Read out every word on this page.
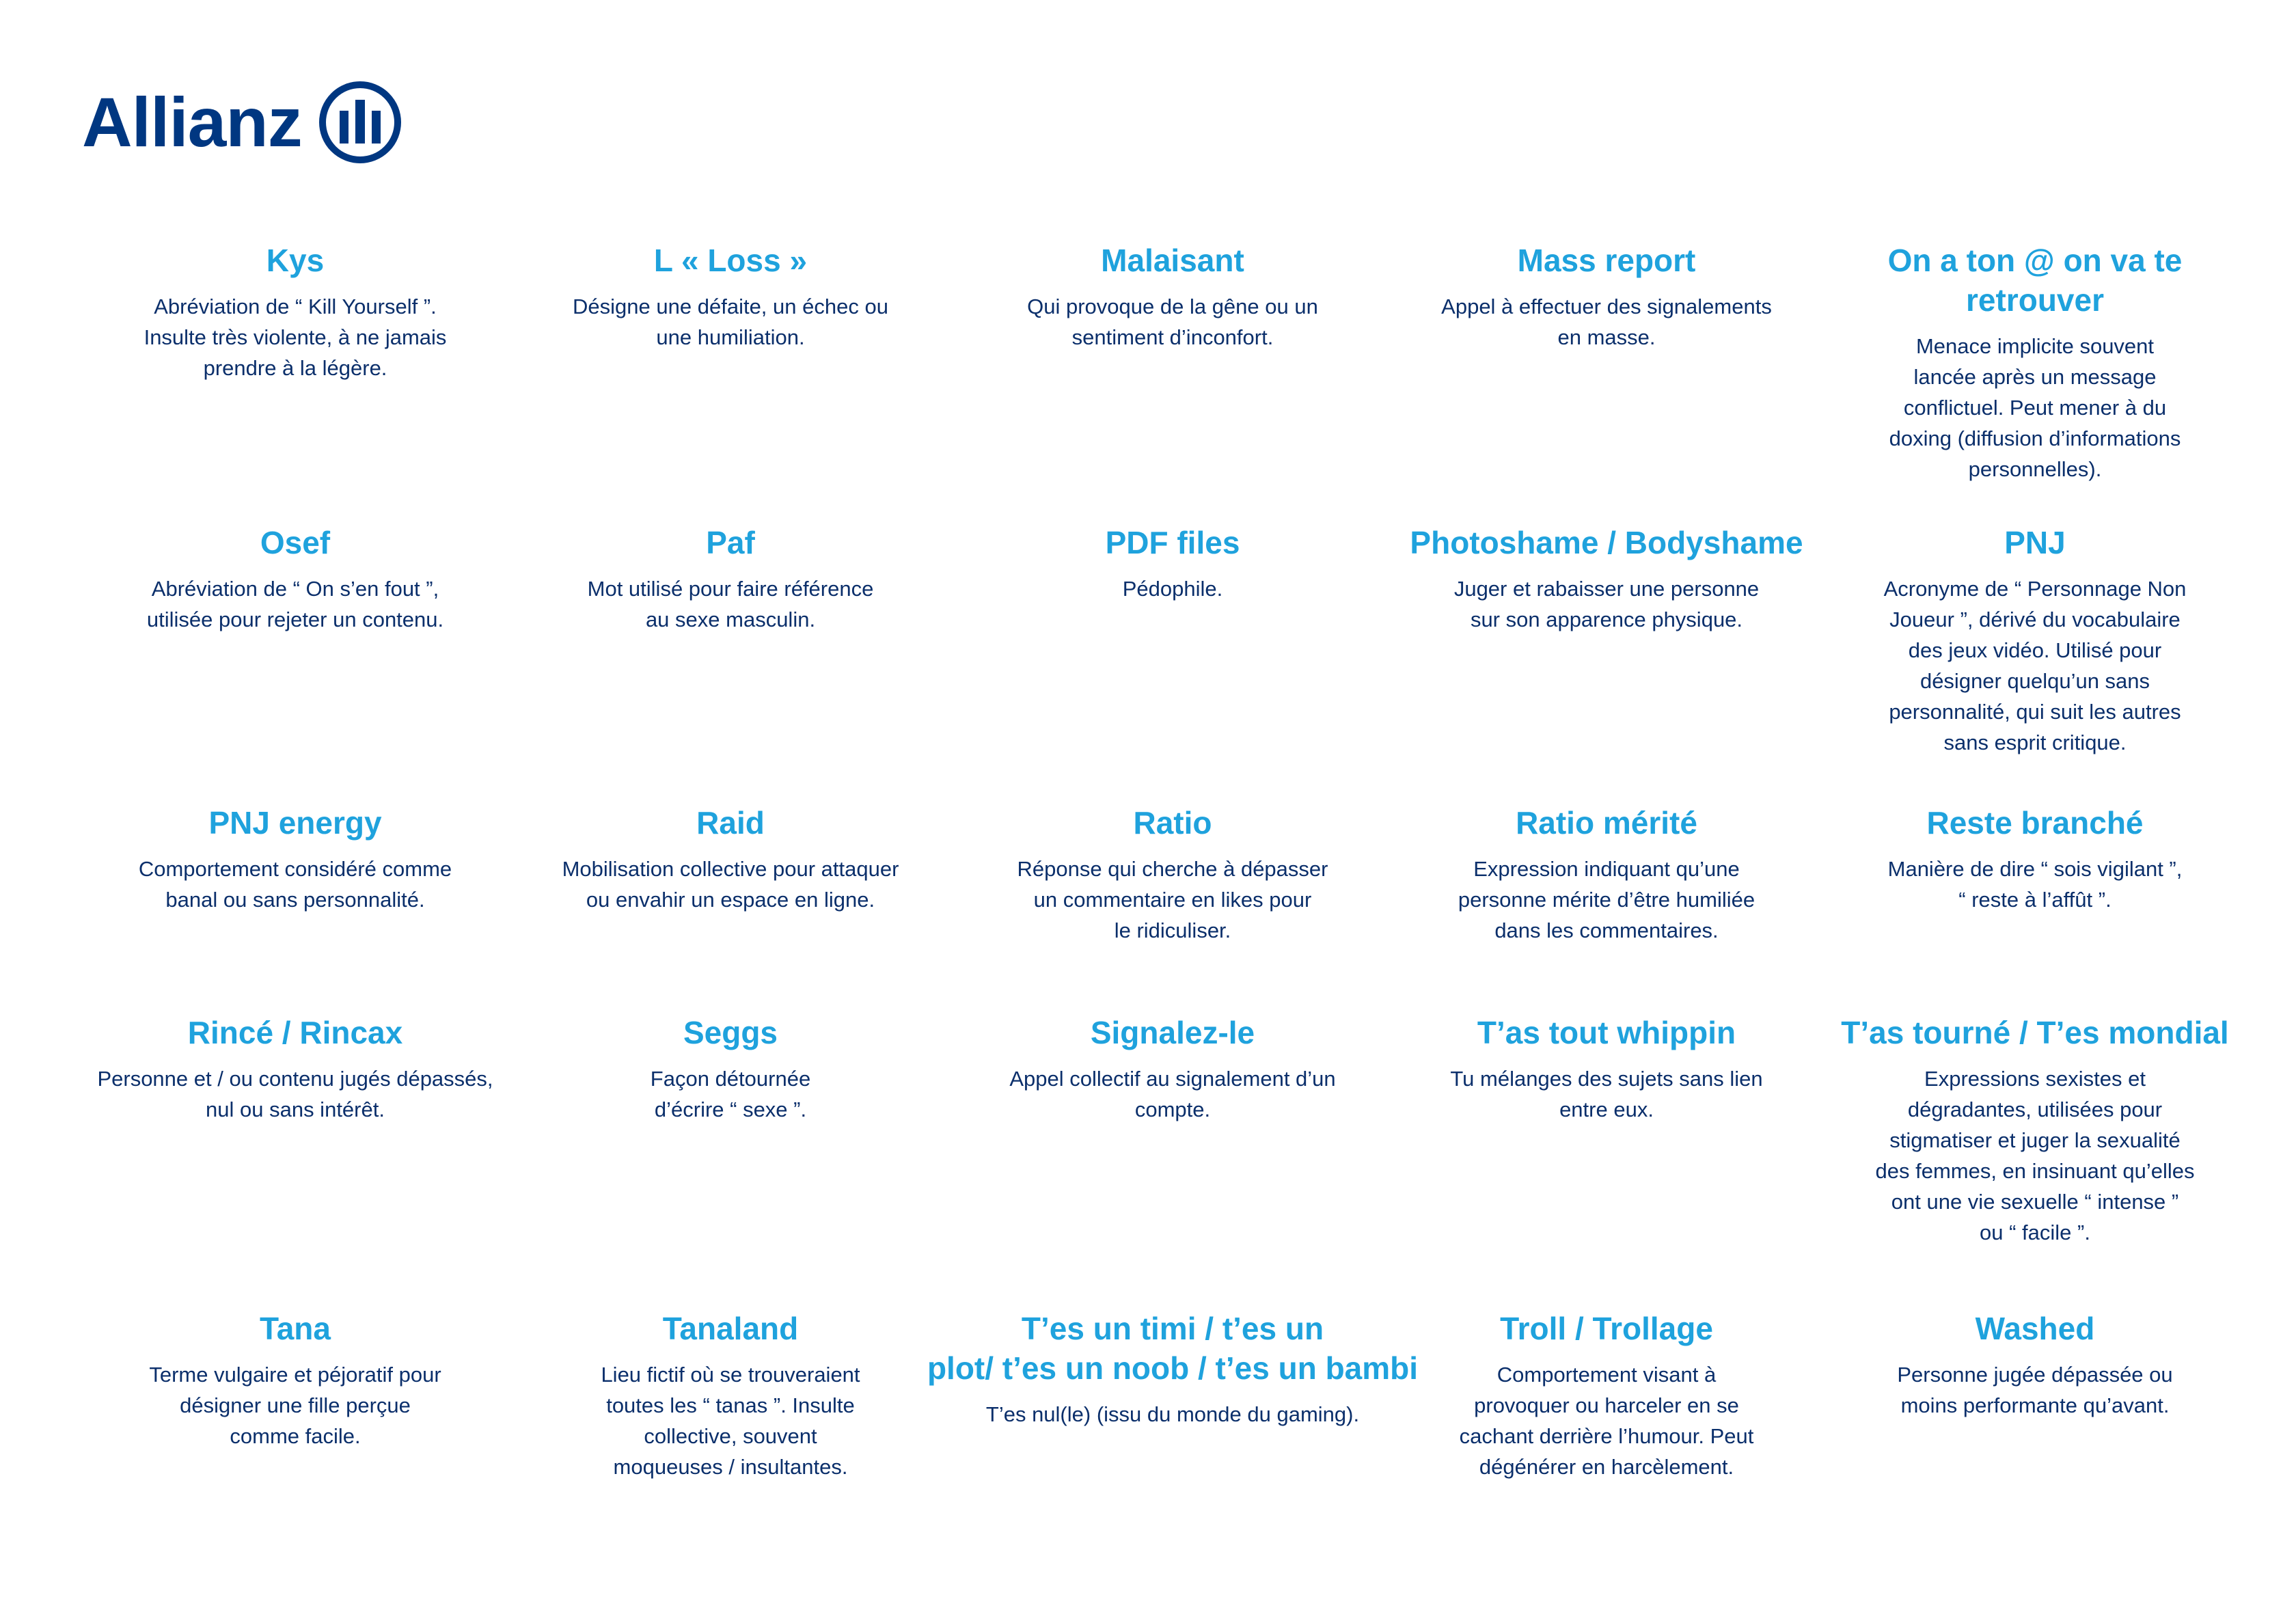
Allianz
Kys
Abréviation de “ Kill Yourself ”.
Insulte très violente, à ne jamais
prendre à la légère.
L « Loss »
Désigne une défaite, un échec ou
une humiliation.
Malaisant
Qui provoque de la gêne ou un
sentiment d’inconfort.
Mass report
Appel à effectuer des signalements
en masse.
On a ton @ on va te
retrouver
Menace implicite souvent
lancée après un message
conflictuel. Peut mener à du
doxing (diffusion d’informations
personnelles).
Osef
Abréviation de “ On s’en fout ”,
utilisée pour rejeter un contenu.
Paf
Mot utilisé pour faire référence
au sexe masculin.
PDF files
Pédophile.
Photoshame / Bodyshame
Juger et rabaisser une personne
sur son apparence physique.
PNJ
Acronyme de “ Personnage Non
Joueur ”, dérivé du vocabulaire
des jeux vidéo. Utilisé pour
désigner quelqu’un sans
personnalité, qui suit les autres
sans esprit critique.
PNJ energy
Comportement considéré comme
banal ou sans personnalité.
Raid
Mobilisation collective pour attaquer
ou envahir un espace en ligne.
Ratio
Réponse qui cherche à dépasser
un commentaire en likes pour
le ridiculiser.
Ratio mérité
Expression indiquant qu’une
personne mérite d’être humiliée
dans les commentaires.
Reste branché
Manière de dire “ sois vigilant ”,
“ reste à l’affût ”.
Rincé / Rincax
Personne et / ou contenu jugés dépassés,
nul ou sans intérêt.
Seggs
Façon détournée
d’écrire “ sexe ”.
Signalez-le
Appel collectif au signalement d’un
compte.
T’as tout whippin
Tu mélanges des sujets sans lien
entre eux.
T’as tourné / T’es mondial
Expressions sexistes et
dégradantes, utilisées pour
stigmatiser et juger la sexualité
des femmes, en insinuant qu’elles
ont une vie sexuelle “ intense ”
ou “ facile ”.
Tana
Terme vulgaire et péjoratif pour
désigner une fille perçue
comme facile.
Tanaland
Lieu fictif où se trouveraient
toutes les “ tanas ”. Insulte
collective, souvent
moqueuses / insultantes.
T’es un timi / t’es un
plot/ t’es un noob / t’es un bambi
T’es nul(le) (issu du monde du gaming).
Troll / Trollage
Comportement visant à
provoquer ou harceler en se
cachant derrière l’humour. Peut
dégénérer en harcèlement.
Washed
Personne jugée dépassée ou
moins performante qu’avant.
